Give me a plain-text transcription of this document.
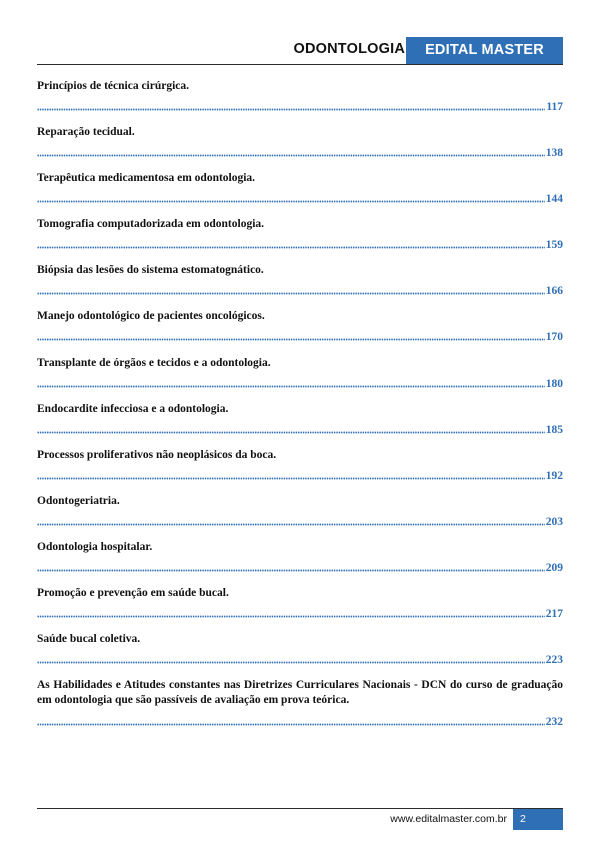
ODONTOLOGIA	EDITAL MASTER
Princípios de técnica cirúrgica.
117
Reparação tecidual.
138
Terapêutica medicamentosa em odontologia.
144
Tomografia computadorizada em odontologia.
159
Biópsia das lesões do sistema estomatognático.
166
Manejo odontológico de pacientes oncológicos.
170
Transplante de órgãos e tecidos e a odontologia.
180
Endocardite infecciosa e a odontologia.
185
Processos proliferativos não neoplásicos da boca.
192
Odontogeriatria.
203
Odontologia hospitalar.
209
Promoção e prevenção em saúde bucal.
217
Saúde bucal coletiva.
223
As Habilidades e Atitudes constantes nas Diretrizes Curriculares Nacionais - DCN do curso de graduação em odontologia que são passíveis de avaliação em prova teórica.
232
www.editalmaster.com.br	2
